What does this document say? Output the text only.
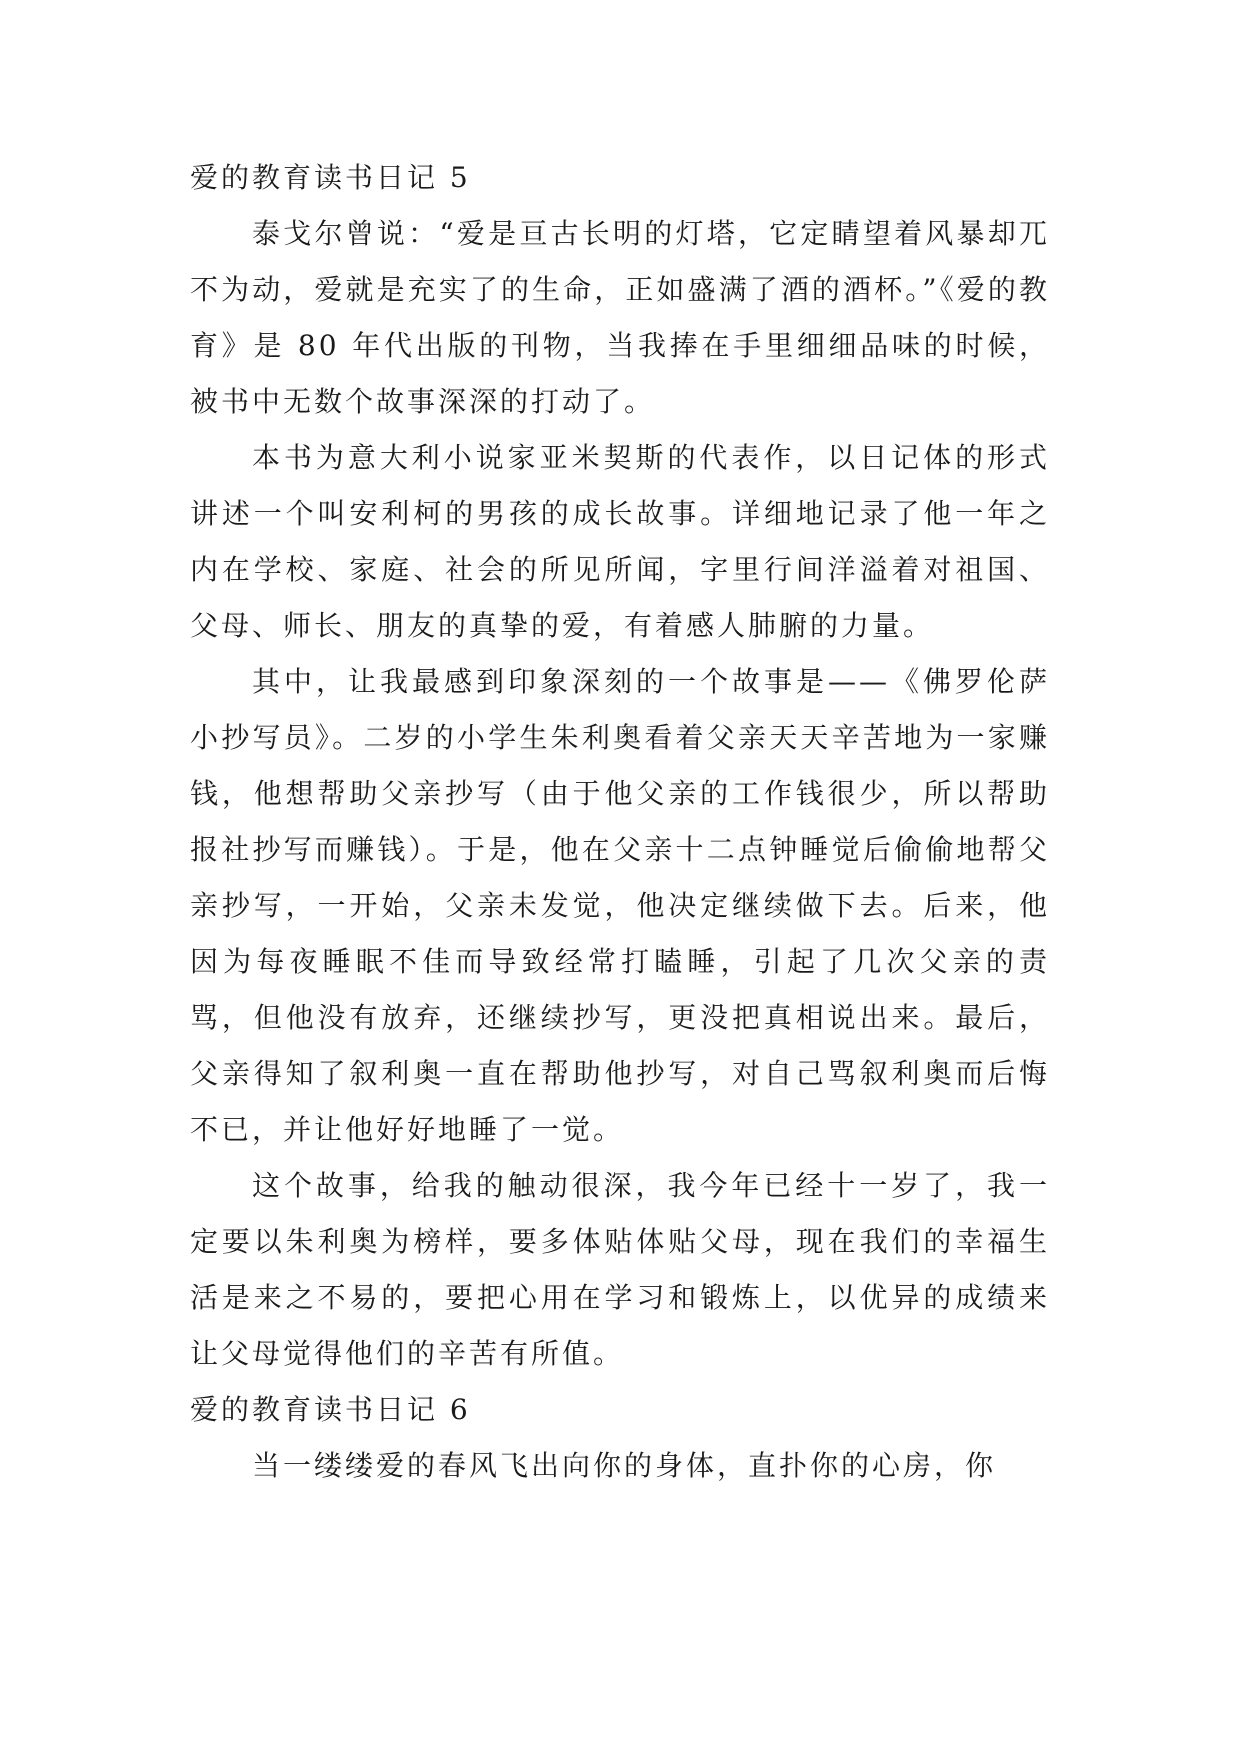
爱的教育读书日记 5

泰戈尔曾说：“爱是亘古长明的灯塔，它定睛望着风暴却兀不为动，爱就是充实了的生命，正如盛满了酒的酒杯。”《爱的教育》是 80 年代出版的刊物，当我捧在手里细细品味的时候，被书中无数个故事深深的打动了。

本书为意大利小说家亚米契斯的代表作，以日记体的形式讲述一个叫安利柯的男孩的成长故事。详细地记录了他一年之内在学校、家庭、社会的所见所闻，字里行间洋溢着对祖国、父母、师长、朋友的真挚的爱，有着感人肺腑的力量。

其中，让我最感到印象深刻的一个故事是——《佛罗伦萨小抄写员》。二岁的小学生朱利奥看着父亲天天辛苦地为一家赚钱，他想帮助父亲抄写（由于他父亲的工作钱很少，所以帮助报社抄写而赚钱）。于是，他在父亲十二点钟睡觉后偷偷地帮父亲抄写，一开始，父亲未发觉，他决定继续做下去。后来，他因为每夜睡眠不佳而导致经常打瞌睡，引起了几次父亲的责骂，但他没有放弃，还继续抄写，更没把真相说出来。最后，父亲得知了叙利奥一直在帮助他抄写，对自己骂叙利奥而后悔不已，并让他好好地睡了一觉。

这个故事，给我的触动很深，我今年已经十一岁了，我一定要以朱利奥为榜样，要多体贴体贴父母，现在我们的幸福生活是来之不易的，要把心用在学习和锻炼上，以优异的成绩来让父母觉得他们的辛苦有所值。

爱的教育读书日记 6

当一缕缕爱的春风飞出向你的身体，直扑你的心房，你
